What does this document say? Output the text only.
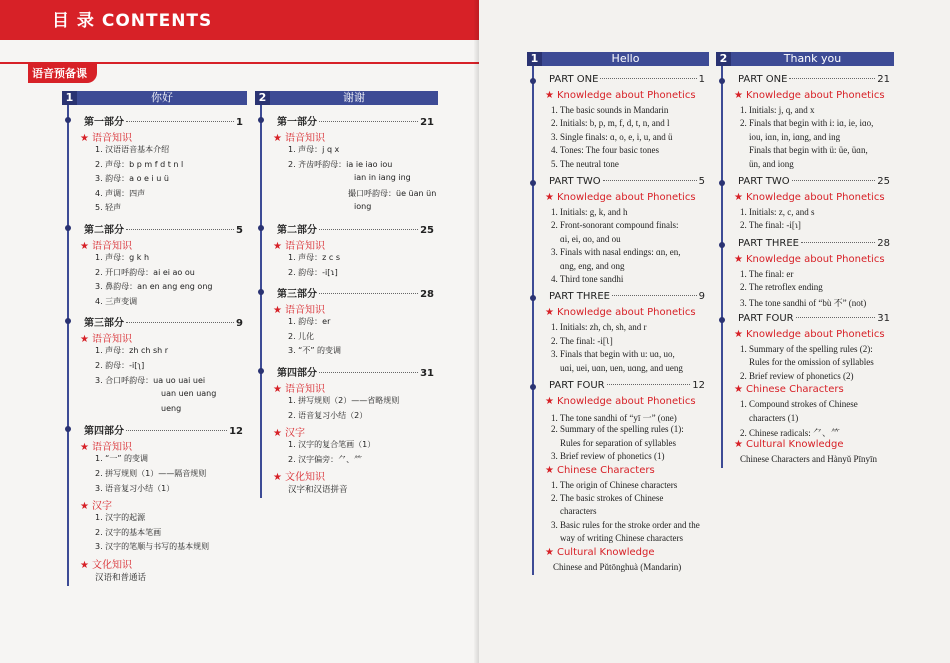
目 录 CONTENTS
语音预备课
1	你好
第一部分	1
★ 语音知识
1. 汉语语音基本介绍
2. 声母：b p m f d t n l
3. 韵母：a o e i u ü
4. 声调：四声
5. 轻声
第二部分	5
★ 语音知识
1. 声母：g k h
2. 开口呼韵母：ai ei ao ou
3. 鼻韵母：an en ang eng ong
4. 三声变调
第三部分	9
★ 语音知识
1. 声母：zh ch sh r
2. 韵母：-i[ʅ]
3. 合口呼韵母：ua uo uai uei
uan uen uang
ueng
第四部分	12
★ 语音知识
1. “一” 的变调
2. 拼写规则（1）——隔音规则
3. 语音复习小结（1）
★ 汉字
1. 汉字的起源
2. 汉字的基本笔画
3. 汉字的笔顺与书写的基本规则
★ 文化知识
汉语和普通话
2	谢谢
第一部分	21
★ 语音知识
1. 声母：j q x
2. 齐齿呼韵母：ia ie iao iou
ian in iang ing
撮口呼韵母：üe üan ün
iong
第二部分	25
★ 语音知识
1. 声母：z c s
2. 韵母：-i[ɿ]
第三部分	28
★ 语音知识
1. 韵母：er
2. 儿化
3. “不” 的变调
第四部分	31
★ 语音知识
1. 拼写规则（2）——省略规则
2. 语音复习小结（2）
★ 汉字
1. 汉字的复合笔画（1）
2. 汉字偏旁：⺈、⺮
★ 文化知识
汉字和汉语拼音
1	Hello
PART ONE	1
★ Knowledge about Phonetics
1. The basic sounds in Mandarin
2. Initials: b, p, m, f, d, t, n, and l
3. Single finals: ɑ, o, e, i, u, and ü
4. Tones: The four basic tones
5. The neutral tone
PART TWO	5
★ Knowledge about Phonetics
1. Initials: g, k, and h
2. Front-sonorant compound finals:
ɑi, ei, ɑo, and ou
3. Finals with nasal endings: ɑn, en,
ɑng, eng, and ong
4. Third tone sandhi
PART THREE	9
★ Knowledge about Phonetics
1. Initials: zh, ch, sh, and r
2. The final: -i[ʅ]
3. Finals that begin with u: uɑ, uo,
uɑi, uei, uɑn, uen, uɑng, and ueng
PART FOUR	12
★ Knowledge about Phonetics
1. The tone sandhi of “yī 一” (one)
2. Summary of the spelling rules (1):
Rules for separation of syllables
3. Brief review of phonetics (1)
★ Chinese Characters
1. The origin of Chinese characters
2. The basic strokes of Chinese
characters
3. Basic rules for the stroke order and the
way of writing Chinese characters
★ Cultural Knowledge
Chinese and Pǔtōnghuà (Mandarin)
2	Thank you
PART ONE	21
★ Knowledge about Phonetics
1. Initials: j, q, and x
2. Finals that begin with i: iɑ, ie, iɑo,
iou, iɑn, in, iɑng, and ing
Finals that begin with ü: üe, üɑn,
ün, and iong
PART TWO	25
★ Knowledge about Phonetics
1. Initials: z, c, and s
2. The final: -i[ɿ]
PART THREE	28
★ Knowledge about Phonetics
1. The final: er
2. The retroflex ending
3. The tone sandhi of “bù 不” (not)
PART FOUR	31
★ Knowledge about Phonetics
1. Summary of the spelling rules (2):
Rules for the omission of syllables
2. Brief review of phonetics (2)
★ Chinese Characters
1. Compound strokes of Chinese
characters (1)
2. Chinese radicals: ⺈、⺮
★ Cultural Knowledge
Chinese Characters and Hànyǔ Pīnyīn
